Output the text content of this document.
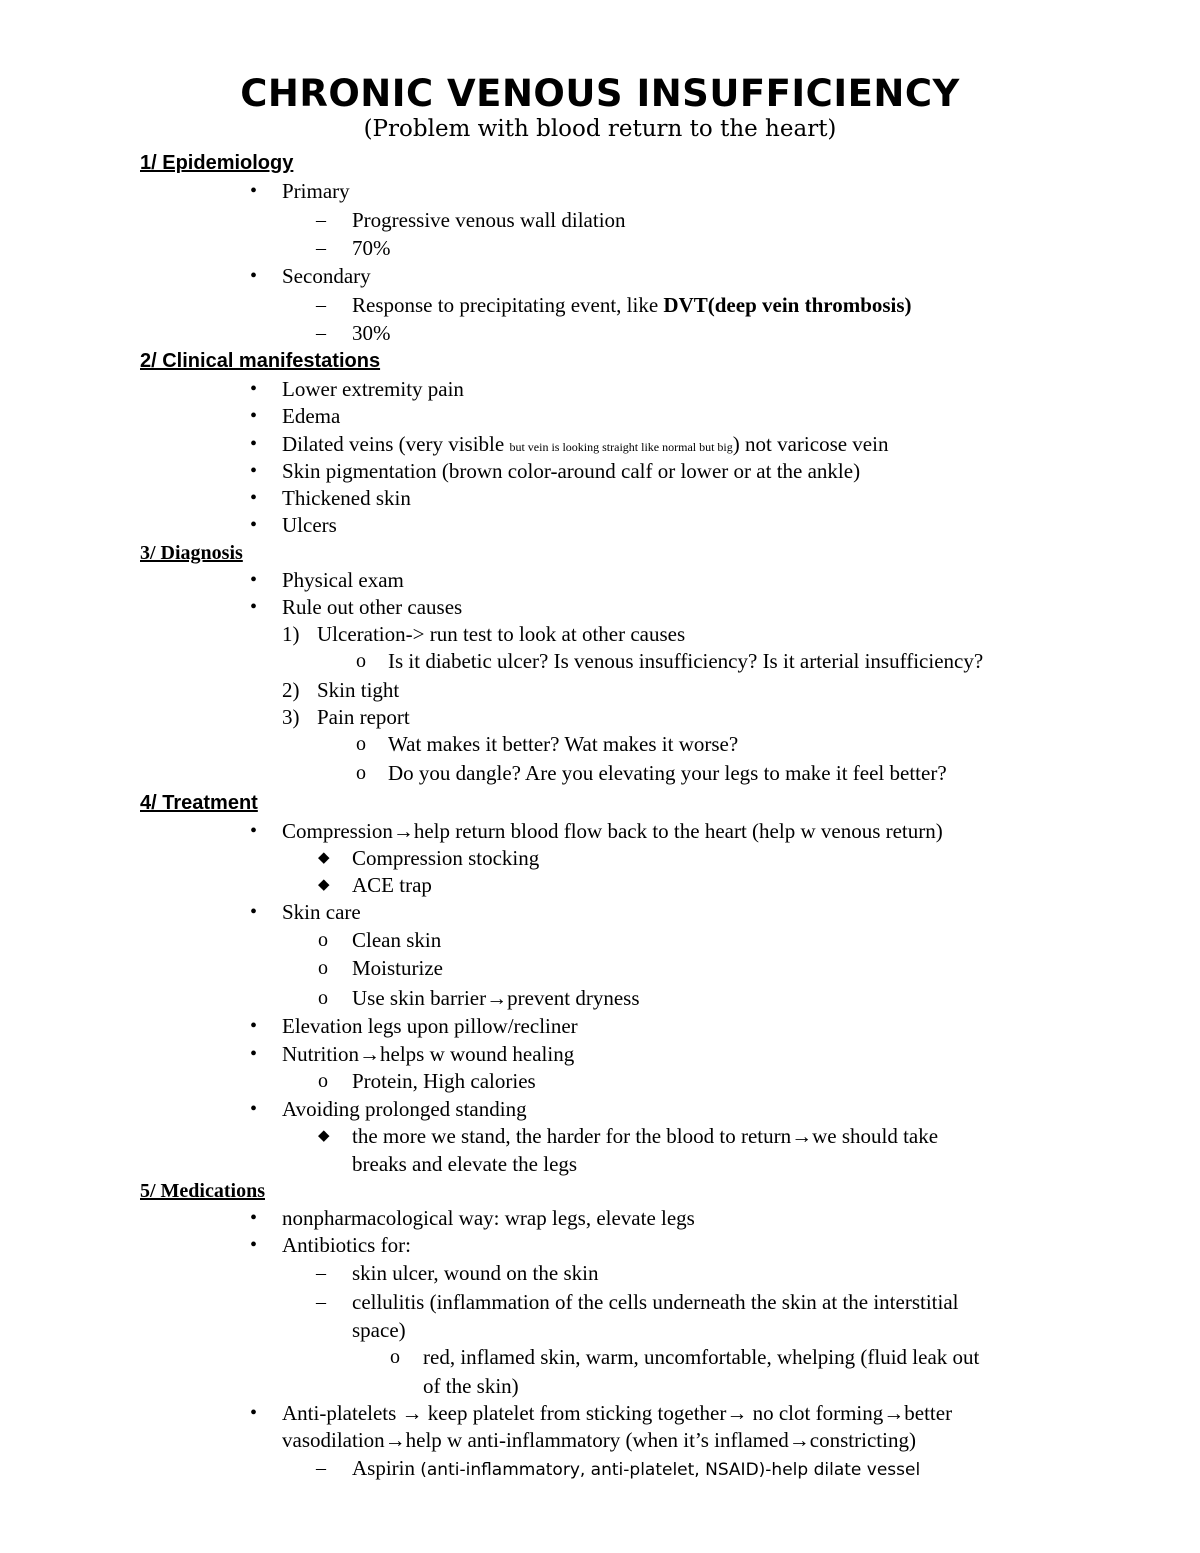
CHRONIC VENOUS INSUFFICIENCY
(Problem with blood return to the heart)
1/ Epidemiology
• Primary
– Progressive venous wall dilation
– 70%
• Secondary
– Response to precipitating event, like DVT(deep vein thrombosis)
– 30%
2/ Clinical manifestations
• Lower extremity pain
• Edema
• Dilated veins (very visible but vein is looking straight like normal but big) not varicose vein
• Skin pigmentation (brown color-around calf or lower or at the ankle)
• Thickened skin
• Ulcers
3/ Diagnosis
• Physical exam
• Rule out other causes
1) Ulceration-> run test to look at other causes
o Is it diabetic ulcer? Is venous insufficiency? Is it arterial insufficiency?
2) Skin tight
3) Pain report
o Wat makes it better? Wat makes it worse?
o Do you dangle? Are you elevating your legs to make it feel better?
4/ Treatment
• Compression→help return blood flow back to the heart (help w venous return)
◆ Compression stocking
◆ ACE trap
• Skin care
o Clean skin
o Moisturize
o Use skin barrier→prevent dryness
• Elevation legs upon pillow/recliner
• Nutrition→helps w wound healing
o Protein, High calories
• Avoiding prolonged standing
◆ the more we stand, the harder for the blood to return→we should take
breaks and elevate the legs
5/ Medications
• nonpharmacological way: wrap legs, elevate legs
• Antibiotics for:
– skin ulcer, wound on the skin
– cellulitis (inflammation of the cells underneath the skin at the interstitial
space)
o red, inflamed skin, warm, uncomfortable, whelping (fluid leak out
of the skin)
• Anti-platelets → keep platelet from sticking together→ no clot forming→better
vasodilation→help w anti-inflammatory (when it’s inflamed→constricting)
– Aspirin (anti-inflammatory, anti-platelet, NSAID)-help dilate vessel
